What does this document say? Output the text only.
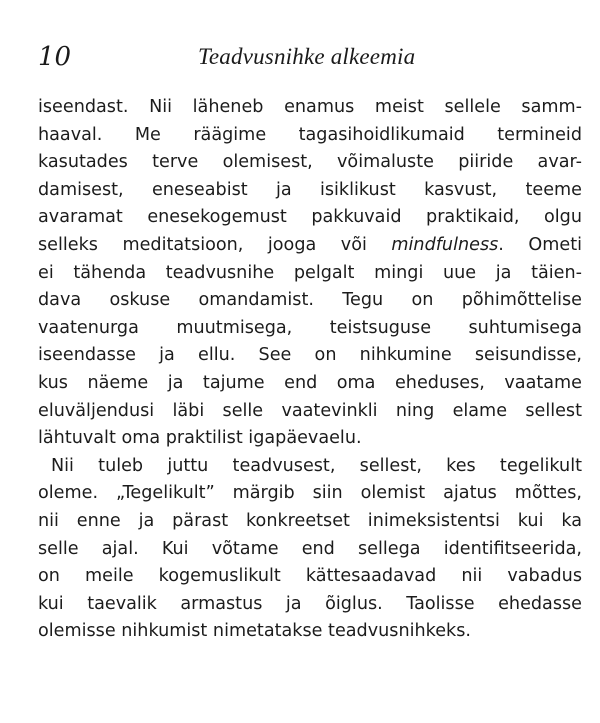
10	Teadvusnihke alkeemia
iseendast. Nii läheneb enamus meist sellele samm-
haaval. Me räägime tagasihoidlikumaid termineid
kasutades terve olemisest, võimaluste piiride avar-
damisest, eneseabist ja isiklikust kasvust, teeme
avaramat enesekogemust pakkuvaid praktikaid, olgu
selleks meditatsioon, jooga või mindfulness. Ometi
ei tähenda teadvusnihe pelgalt mingi uue ja täien-
dava oskuse omandamist. Tegu on põhimõttelise
vaatenurga muutmisega, teistsuguse suhtumisega
iseendasse ja ellu. See on nihkumine seisundisse,
kus näeme ja tajume end oma eheduses, vaatame
eluväljendusi läbi selle vaatevinkli ning elame sellest
lähtuvalt oma praktilist igapäevaelu.
Nii tuleb juttu teadvusest, sellest, kes tegelikult
oleme. „Tegelikult” märgib siin olemist ajatus mõttes,
nii enne ja pärast konkreetset inimeksistentsi kui ka
selle ajal. Kui võtame end sellega identifitseerida,
on meile kogemuslikult kättesaadavad nii vabadus
kui taevalik armastus ja õiglus. Taolisse ehedasse
olemisse nihkumist nimetatakse teadvusnihkeks.
